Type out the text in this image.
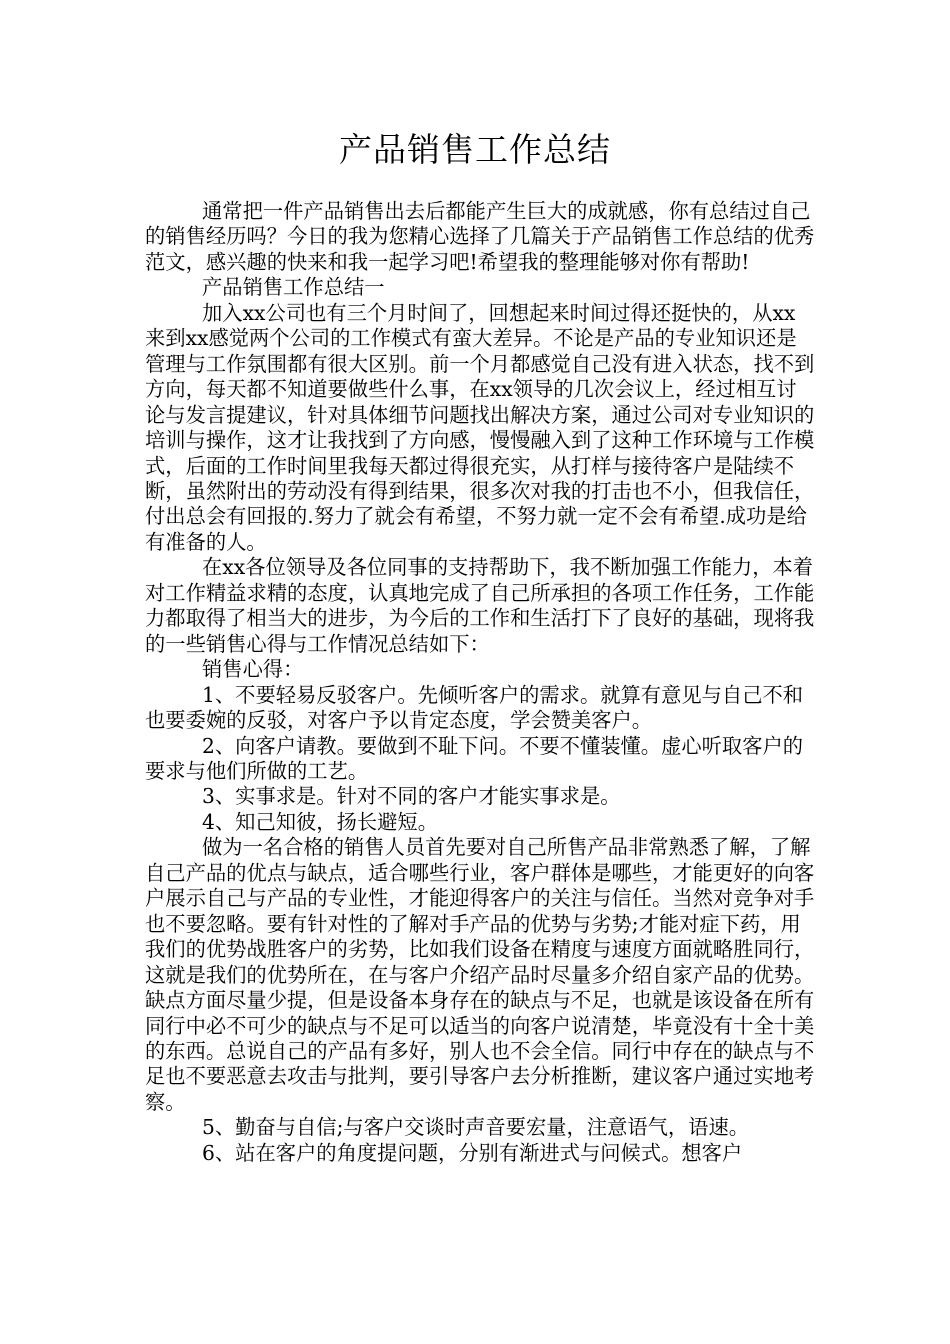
产品销售工作总结

通常把一件产品销售出去后都能产生巨大的成就感，你有总结过自己的销售经历吗？今日的我为您精心选择了几篇关于产品销售工作总结的优秀范文，感兴趣的快来和我一起学习吧!希望我的整理能够对你有帮助!

产品销售工作总结一

加入xx公司也有三个月时间了，回想起来时间过得还挺快的，从xx来到xx感觉两个公司的工作模式有蛮大差异。不论是产品的专业知识还是管理与工作氛围都有很大区别。前一个月都感觉自己没有进入状态，找不到方向，每天都不知道要做些什么事，在xx领导的几次会议上，经过相互讨论与发言提建议，针对具体细节问题找出解决方案，通过公司对专业知识的培训与操作，这才让我找到了方向感，慢慢融入到了这种工作环境与工作模式，后面的工作时间里我每天都过得很充实，从打样与接待客户是陆续不断，虽然附出的劳动没有得到结果，很多次对我的打击也不小，但我信任，付出总会有回报的.努力了就会有希望，不努力就一定不会有希望.成功是给有准备的人。

在xx各位领导及各位同事的支持帮助下，我不断加强工作能力，本着对工作精益求精的态度，认真地完成了自己所承担的各项工作任务，工作能力都取得了相当大的进步，为今后的工作和生活打下了良好的基础，现将我的一些销售心得与工作情况总结如下：

销售心得：

1、不要轻易反驳客户。先倾听客户的需求。就算有意见与自己不和也要委婉的反驳，对客户予以肯定态度，学会赞美客户。

2、向客户请教。要做到不耻下问。不要不懂装懂。虚心听取客户的要求与他们所做的工艺。

3、实事求是。针对不同的客户才能实事求是。

4、知己知彼，扬长避短。

做为一名合格的销售人员首先要对自己所售产品非常熟悉了解，了解自己产品的优点与缺点，适合哪些行业，客户群体是哪些，才能更好的向客户展示自己与产品的专业性，才能迎得客户的关注与信任。当然对竞争对手也不要忽略。要有针对性的了解对手产品的优势与劣势;才能对症下药，用我们的优势战胜客户的劣势，比如我们设备在精度与速度方面就略胜同行，这就是我们的优势所在，在与客户介绍产品时尽量多介绍自家产品的优势。缺点方面尽量少提，但是设备本身存在的缺点与不足，也就是该设备在所有同行中必不可少的缺点与不足可以适当的向客户说清楚，毕竟没有十全十美的东西。总说自己的产品有多好，别人也不会全信。同行中存在的缺点与不足也不要恶意去攻击与批判，要引导客户去分析推断，建议客户通过实地考察。

5、勤奋与自信;与客户交谈时声音要宏量，注意语气，语速。

6、站在客户的角度提问题，分别有渐进式与问候式。想客户
